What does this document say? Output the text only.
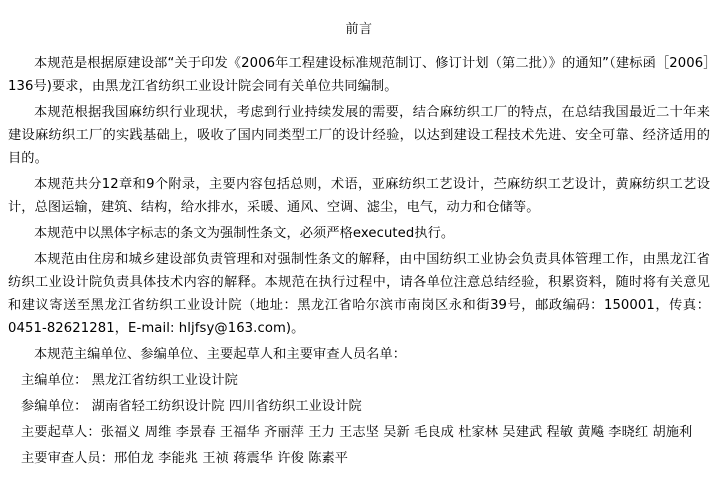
前言

本规范是根据原建设部“关于印发《2006年工程建设标准规范制订、修订计划（第二批）》的通知”（建标函［2006］136号)要求，由黑龙江省纺织工业设计院会同有关单位共同编制。

本规范根据我国麻纺织行业现状，考虑到行业持续发展的需要，结合麻纺织工厂的特点，在总结我国最近二十年来建设麻纺织工厂的实践基础上，吸收了国内同类型工厂的设计经验，以达到建设工程技术先进、安全可靠、经济适用的目的。

本规范共分12章和9个附录，主要内容包括总则，术语，亚麻纺织工艺设计，苎麻纺织工艺设计，黄麻纺织工艺设计，总图运输，建筑、结构，给水排水，采暖、通风、空调、滤尘，电气，动力和仓储等。

本规范中以黑体字标志的条文为强制性条文，必须严格executed执行。

本规范由住房和城乡建设部负责管理和对强制性条文的解释，由中国纺织工业协会负责具体管理工作，由黑龙江省纺织工业设计院负责具体技术内容的解释。本规范在执行过程中，请各单位注意总结经验，积累资料，随时将有关意见和建议寄送至黑龙江省纺织工业设计院（地址：黑龙江省哈尔滨市南岗区永和街39号，邮政编码：150001，传真：0451-82621281，E-mail: hljfsy@163.com)。

本规范主编单位、参编单位、主要起草人和主要审查人员名单：

主编单位： 黑龙江省纺织工业设计院

参编单位： 湖南省轻工纺织设计院 四川省纺织工业设计院

主要起草人：张福义 周维 李景春 王福华 齐丽萍 王力 王志坚 吴新 毛良成 杜家林 吴建武 程敏 黄飚 李晓红 胡施利

主要审查人员：邢伯龙 李能兆 王祯 蒋震华 许俊 陈素平
